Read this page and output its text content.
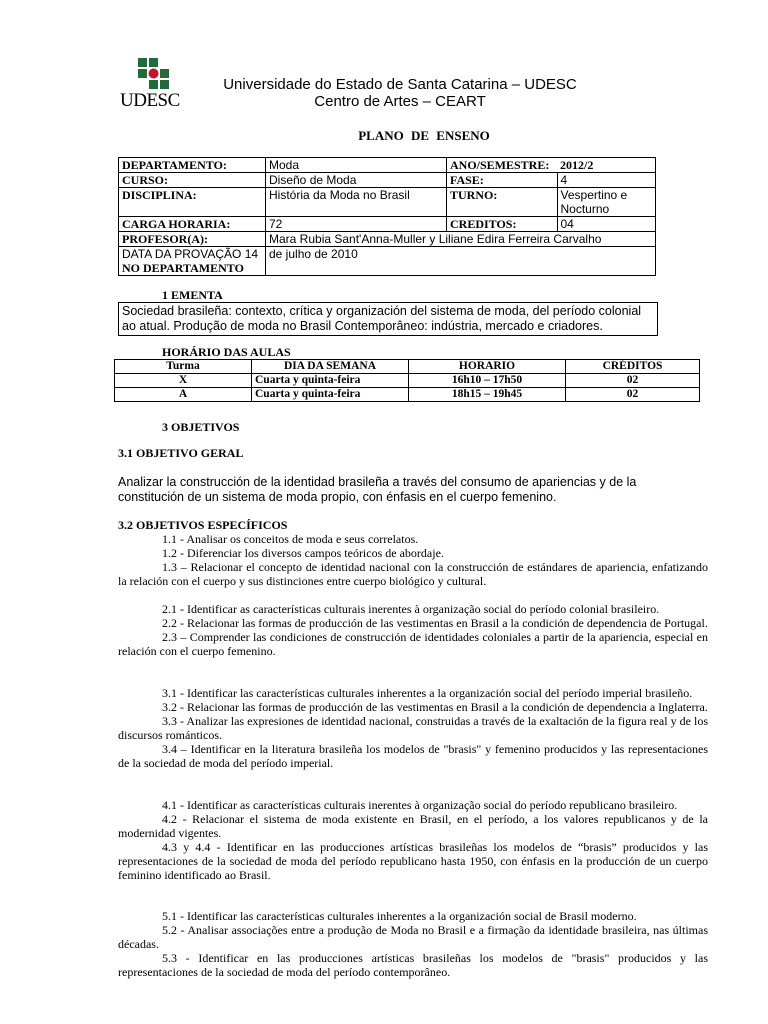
UDESC
Universidade do Estado de Santa Catarina – UDESC
Centro de Artes – CEART
PLANO DE ENSENO
DEPARTAMENTO:	Moda	ANO/SEMESTRE:	2012/2
CURSO:	Diseño de Moda	FASE:	4
DISCIPLINA:	História da Moda no Brasil	TURNO:	Vespertino e
Nocturno

CARGA HORARIA:	72	CREDITOS:	04
PROFESOR(A):	Mara Rubia Sant'Anna-Muller y Liliane Edira Ferreira Carvalho		

DATA DA PROVAÇÃO 14
NO DEPARTAMENTO	de julho de 2010		
1 EMENTA
Sociedad brasileña: contexto, crítica y organización del sistema de moda, del período colonial ao atual. Produção de moda no Brasil Contemporâneo: indústria, mercado e criadores.
HORÁRIO DAS AULAS
Turma	DIA DA SEMANA	HORARIO	CRÉDITOS
X	Cuarta y quinta-feira	16h10 – 17h50	02
A	Cuarta y quinta-feira	18h15 – 19h45	02
3 OBJETIVOS
3.1 OBJETIVO GERAL
Analizar la construcción de la identidad brasileña a través del consumo de apariencias y de la constitución de un sistema de moda propio, con énfasis en el cuerpo femenino.
3.2 OBJETIVOS ESPECÍFICOS

1.1 - Analisar os conceitos de moda e seus correlatos.

1.2 - Diferenciar los diversos campos teóricos de abordaje.

1.3 – Relacionar el concepto de identidad nacional con la construcción de estándares de apariencia, enfatizando la relación con el cuerpo y sus distinciones entre cuerpo biológico y cultural.

2.1 - Identificar as características culturais inerentes à organização social do período colonial brasileiro.

2.2 - Relacionar las formas de producción de las vestimentas en Brasil a la condición de dependencia de Portugal.

2.3 – Comprender las condiciones de construcción de identidades coloniales a partir de la apariencia, especial en relación con el cuerpo femenino.

3.1 - Identificar las características culturales inherentes a la organización social del período imperial brasileño.

3.2 - Relacionar las formas de producción de las vestimentas en Brasil a la condición de dependencia a Inglaterra.

3.3 - Analizar las expresiones de identidad nacional, construidas a través de la exaltación de la figura real y de los discursos románticos.

3.4 – Identificar en la literatura brasileña los modelos de "brasis" y femenino producidos y las representaciones de la sociedad de moda del período imperial.

4.1 - Identificar as características culturais inerentes à organização social do período republicano brasileiro.

4.2 - Relacionar el sistema de moda existente en Brasil, en el período, a los valores republicanos y de la modernidad vigentes.

4.3 y 4.4 - Identificar en las producciones artísticas brasileñas los modelos de “brasis” producidos y las representaciones de la sociedad de moda del período republicano hasta 1950, con énfasis en la producción de un cuerpo feminino identificado ao Brasil.

5.1 - Identificar las características culturales inherentes a la organización social de Brasil moderno.

5.2 - Analisar associações entre a produção de Moda no Brasil e a firmação da identidade brasileira, nas últimas décadas.

5.3 - Identificar en las producciones artísticas brasileñas los modelos de "brasis" producidos y las representaciones de la sociedad de moda del período contemporâneo.
